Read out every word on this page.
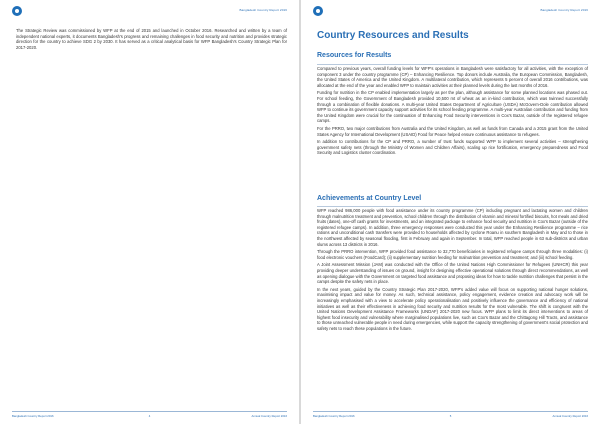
Bangladesh Country Report 2016

The Strategic Review was commissioned by WFP at the end of 2015 and launched in October 2016. Researched and written by a team of independent national experts, it documents Bangladesh's progress and remaining challenges in food security and nutrition and provides strategic direction for the country to achieve SDG 2 by 2030. It has served as a critical analytical basis for WFP Bangladesh's Country Strategic Plan for 2017-2020.

Bangladesh Country Report 2016	4	Annual Country Report 2016
Bangladesh Country Report 2016
Country Resources and Results
Resources for Results

Compared to previous years, overall funding levels for WFP's operations in Bangladesh were satisfactory for all activities, with the exception of component 3 under the country programme (CP) – Enhancing Resilience. Top donors include Australia, the European Commission, Bangladesh, the United States of America and the United Kingdom. A multilateral contribution, which represents 5 percent of overall 2016 contributions, was allocated at the end of the year and enabled WFP to maintain activities at their planned levels during the last months of 2016.

Funding for nutrition in the CP enabled implementation largely as per the plan, although assistance for some planned locations was phased out. For school feeding, the Government of Bangladesh provided 10,500 mt of wheat as an in-kind contribution, which was twinned successfully through a combination of flexible donations. A multi-year United States Department of Agriculture (USDA) McGovern-Dole contribution allowed WFP to continue its government capacity support activities for its school feeding programme. A multi-year Australian contribution and funding from the United Kingdom were crucial for the continuation of Enhancing Food Security interventions in Cox's Bazar, outside of the registered refugee camps.

For the PRRO, two major contributions from Australia and the United Kingdom, as well as funds from Canada and a 2015 grant from the United States Agency for International Development (USAID) Food for Peace helped ensure continuous assistance to refugees.

In addition to contributions for the CP and PRRO, a number of trust funds supported WFP to implement several activities – strengthening government safety nets (through the Ministry of Women and Children Affairs), scaling up rice fortification, emergency preparedness and Food Security and Logistics cluster coordination.

Achievements at Country Level

WFP reached 986,000 people with food assistance under its country programme (CP) including pregnant and lactating women and children through malnutrition treatment and prevention, school children through the distribution of vitamin and mineral fortified biscuits, hot meals and dried fruits (dates), one-off cash grants for investments, and an integrated package to enhance food security and nutrition in Cox's Bazar (outside of the registered refugee camps). In addition, three emergency responses were conducted this year under the Enhancing Resilience programme – rice rations and unconditional cash transfers were provided to households affected by cyclone Roanu in southern Bangladesh in May and to those in the northwest affected by seasonal flooding, first in February and again in September. In total, WFP reached people in 63 sub-districts and urban slums across 13 districts in 2016.

Through the PRRO intervention, WFP provided food assistance to 32,770 beneficiaries in registered refugee camps through three modalities: (i) food electronic vouchers (FoodCard); (ii) supplementary nutrition feeding for malnutrition prevention and treatment; and (iii) school feeding.

A Joint Assessment Mission (JAM) was conducted with the Office of the United Nations High Commissioner for Refugees (UNHCR) this year providing deeper understanding of issues on ground, insight for designing effective operational solutions through direct recommendations, as well as opening dialogue with the Government on targeted food assistance and proposing ideas for how to tackle nutrition challenges that persist in the camps despite the safety nets in place.

In the next years, guided by the Country Strategic Plan 2017-2020, WFP's added value will focus on supporting national hunger solutions, maximising impact and value for money. As such, technical assistance, policy engagement, evidence creation and advocacy work will be increasingly emphasised with a view to accelerate policy operationalisation and positively influence the governance and efficiency of national initiatives as well as their effectiveness in achieving food security and nutrition results for the most vulnerable. The shift is congruent with the United Nations Development Assistance Frameworks (UNDAF) 2017-2020 new focus. WFP plans to limit its direct interventions to areas of highest food insecurity and vulnerability where marginalised populations live, such as Cox's Bazar and the Chittagong Hill Tracts, and assistance to those unreached vulnerable people in need during emergencies, while support the capacity strengthening of government's social protection and safety nets to reach these populations in the future.

Bangladesh Country Report 2016	5	Annual Country Report 2016
